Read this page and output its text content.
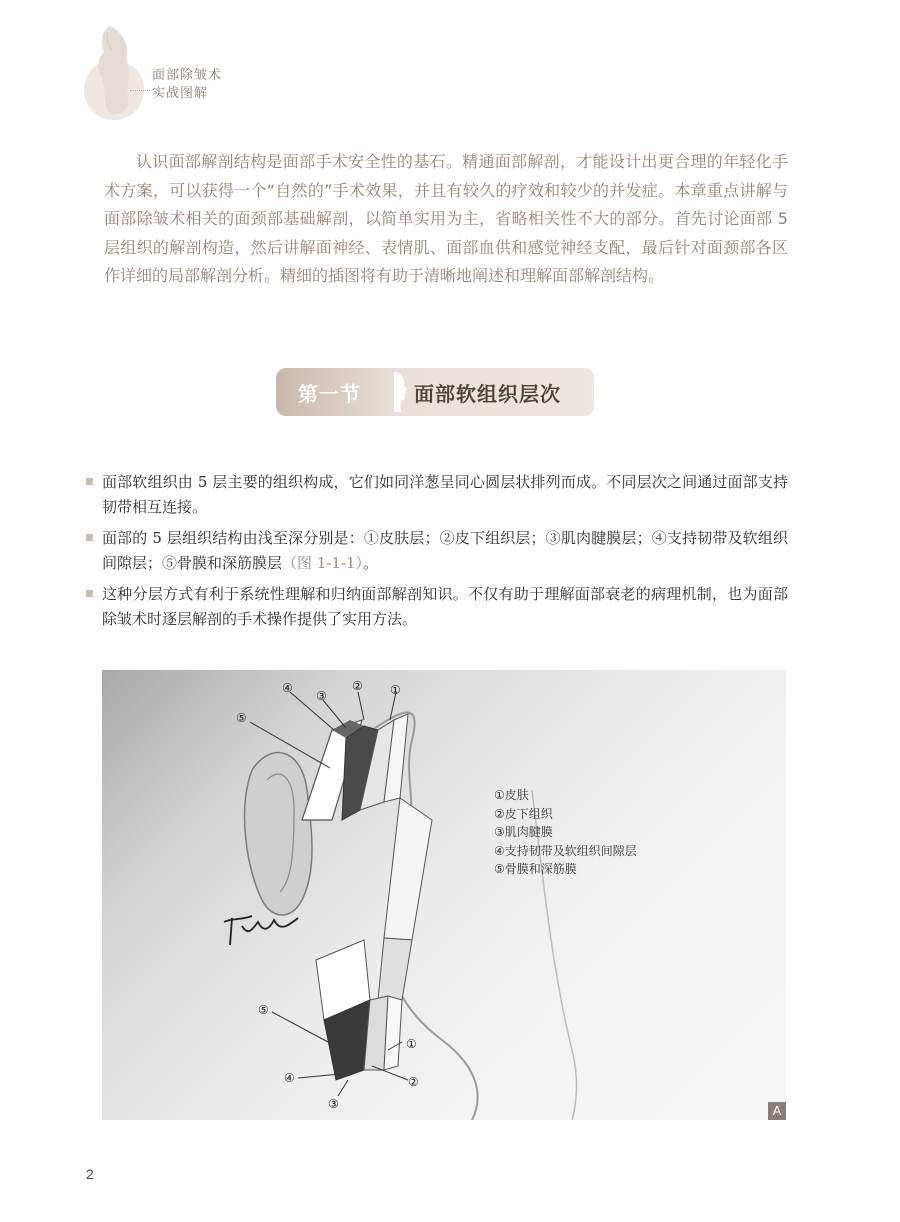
面部除皱术
实战图解
认识面部解剖结构是面部手术安全性的基石。精通面部解剖，才能设计出更合理的年轻化手术方案，可以获得一个“自然的”手术效果，并且有较久的疗效和较少的并发症。本章重点讲解与面部除皱术相关的面颈部基础解剖，以简单实用为主，省略相关性不大的部分。首先讨论面部 5 层组织的解剖构造，然后讲解面神经、表情肌、面部血供和感觉神经支配，最后针对面颈部各区作详细的局部解剖分析。精细的插图将有助于清晰地阐述和理解面部解剖结构。
第一节	面部软组织层次
面部软组织由 5 层主要的组织构成，它们如同洋葱呈同心圆层状排列而成。不同层次之间通过面部支持韧带相互连接。
面部的 5 层组织结构由浅至深分别是：①皮肤层；②皮下组织层；③肌肉腱膜层；④支持韧带及软组织间隙层；⑤骨膜和深筋膜层（图 1-1-1）。
这种分层方式有利于系统性理解和归纳面部解剖知识。不仅有助于理解面部衰老的病理机制，也为面部除皱术时逐层解剖的手术操作提供了实用方法。
④
③
② ①
⑤
⑤
①
④	②
③
①皮肤
②皮下组织
③肌肉腱膜
④支持韧带及软组织间隙层
⑤骨膜和深筋膜
A
2
